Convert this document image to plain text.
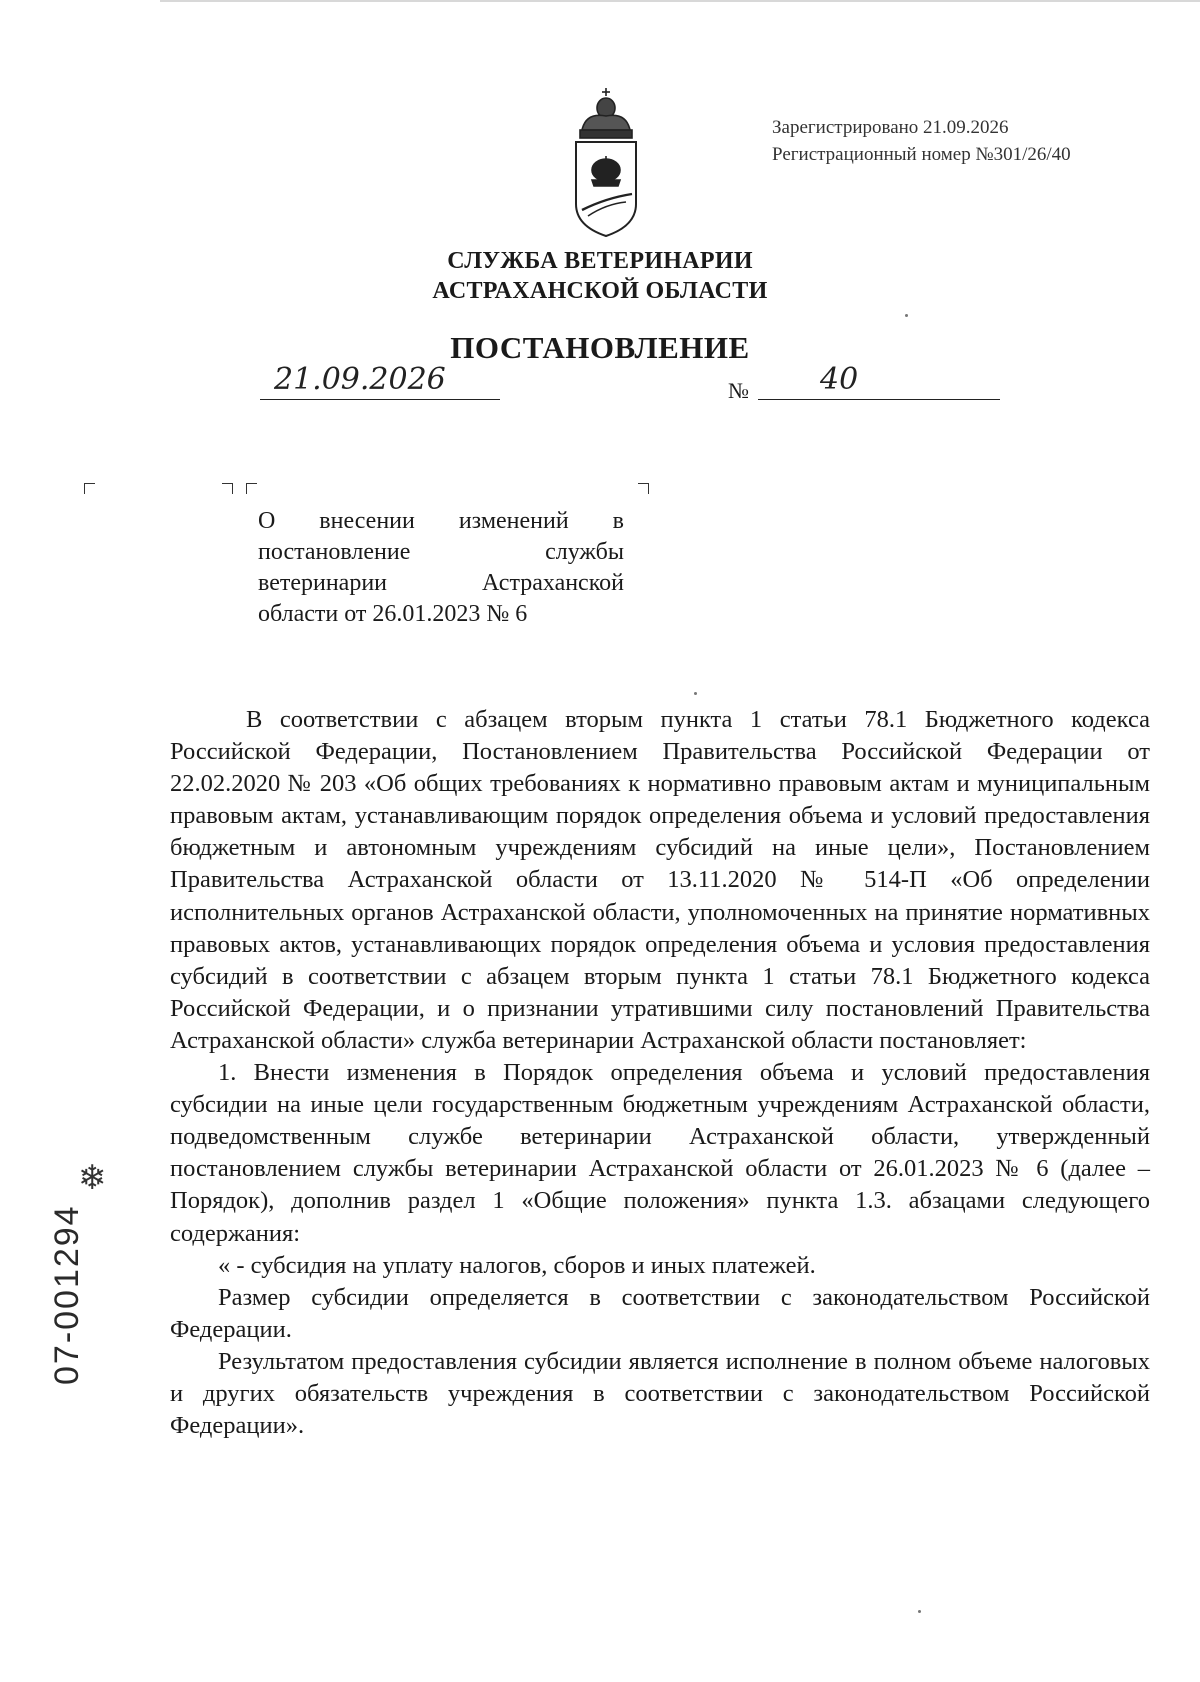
Зарегистрировано 21.09.2026
Регистрационный номер №301/26/40
СЛУЖБА ВЕТЕРИНАРИИ
АСТРАХАНСКОЙ ОБЛАСТИ
ПОСТАНОВЛЕНИЕ
21.09.2026	№	40
О внесении изменений в
постановление службы
ветеринарии Астраханской
области от 26.01.2023 № 6

В соответствии с абзацем вторым пункта 1 статьи 78.1 Бюджетного кодекса Российской Федерации, Постановлением Правительства Российской Федерации от 22.02.2020 № 203 «Об общих требованиях к нормативно правовым актам и муниципальным правовым актам, устанавливающим порядок определения объема и условий предоставления бюджетным и автономным учреждениям субсидий на иные цели», Постановлением Правительства Астраханской области от 13.11.2020 № 514-П «Об определении исполнительных органов Астраханской области, уполномоченных на принятие нормативных правовых актов, устанавливающих порядок определения объема и условия предоставления субсидий в соответствии с абзацем вторым пункта 1 статьи 78.1 Бюджетного кодекса Российской Федерации, и о признании утратившими силу постановлений Правительства Астраханской области» служба ветеринарии Астраханской области постановляет:

1. Внести изменения в Порядок определения объема и условий предоставления субсидии на иные цели государственным бюджетным учреждениям Астраханской области, подведомственным службе ветеринарии Астраханской области, утвержденный постановлением службы ветеринарии Астраханской области от 26.01.2023 № 6 (далее – Порядок), дополнив раздел 1 «Общие положения» пункта 1.3. абзацами следующего содержания:

« - субсидия на уплату налогов, сборов и иных платежей.

Размер субсидии определяется в соответствии с законодательством Российской Федерации.

Результатом предоставления субсидии является исполнение в полном объеме налоговых и других обязательств учреждения в соответствии с законодательством Российской Федерации».

❄
07-001294
